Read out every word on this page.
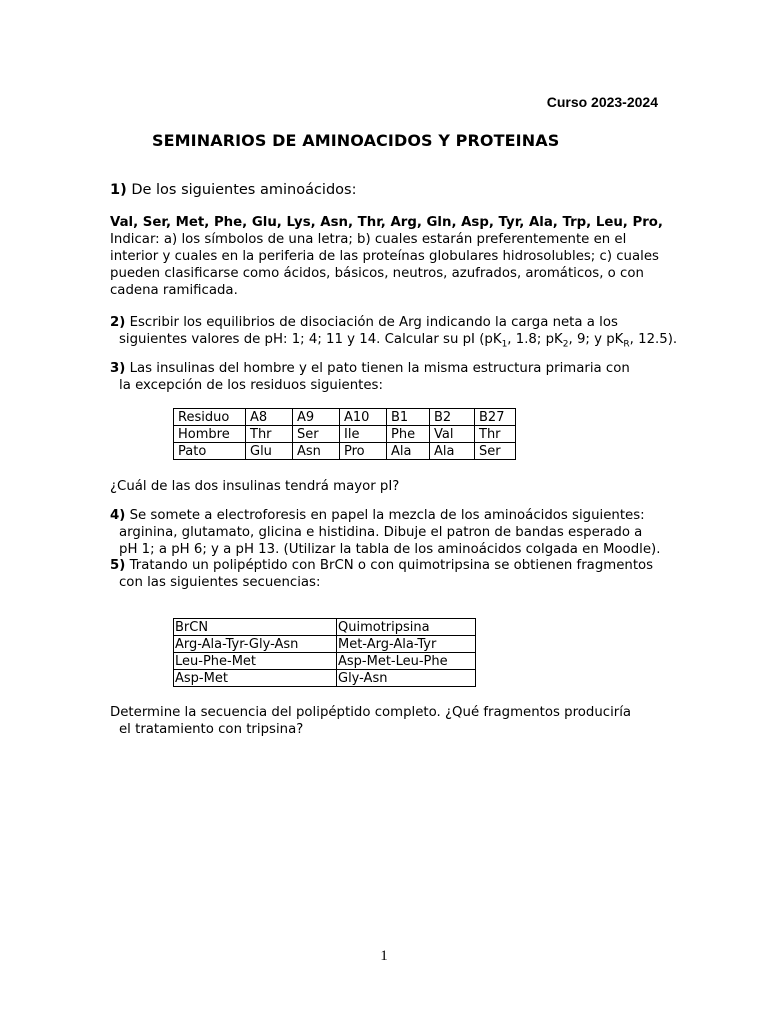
Curso 2023-2024
SEMINARIOS DE AMINOACIDOS Y PROTEINAS
1) De los siguientes aminoácidos:
Val, Ser, Met, Phe, Glu, Lys, Asn, Thr, Arg, Gln, Asp, Tyr, Ala, Trp, Leu, Pro,
Indicar: a) los símbolos de una letra; b) cuales estarán preferentemente en el interior y cuales en la periferia de las proteínas globulares hidrosolubles; c) cuales pueden clasificarse como ácidos, básicos, neutros, azufrados, aromáticos, o con cadena ramificada.
2) Escribir los equilibrios de disociación de Arg indicando la carga neta a los siguientes valores de pH: 1; 4; 11 y 14. Calcular su pI ($pK_1$, 1.8; $pK_2$, 9; y $pK_R$, 12.5).
3) Las insulinas del hombre y el pato tienen la misma estructura primaria con la excepción de los residuos siguientes:
Residuo	A8	A9	A10	B1	B2	B27
Hombre	Thr	Ser	Ile	Phe	Val	Thr
Pato	Glu	Asn	Pro	Ala	Ala	Ser
¿Cuál de las dos insulinas tendrá mayor pI?
4) Se somete a electroforesis en papel la mezcla de los aminoácidos siguientes: arginina, glutamato, glicina e histidina. Dibuje el patron de bandas esperado a pH 1; a pH 6; y a pH 13. (Utilizar la tabla de los aminoácidos colgada en Moodle).
5) Tratando un polipéptido con BrCN o con quimotripsina se obtienen fragmentos con las siguientes secuencias:
BrCN	Quimotripsina
Arg-Ala-Tyr-Gly-Asn	Met-Arg-Ala-Tyr
Leu-Phe-Met	Asp-Met-Leu-Phe
Asp-Met	Gly-Asn
Determine la secuencia del polipéptido completo. ¿Qué fragmentos produciría el tratamiento con tripsina?
1
